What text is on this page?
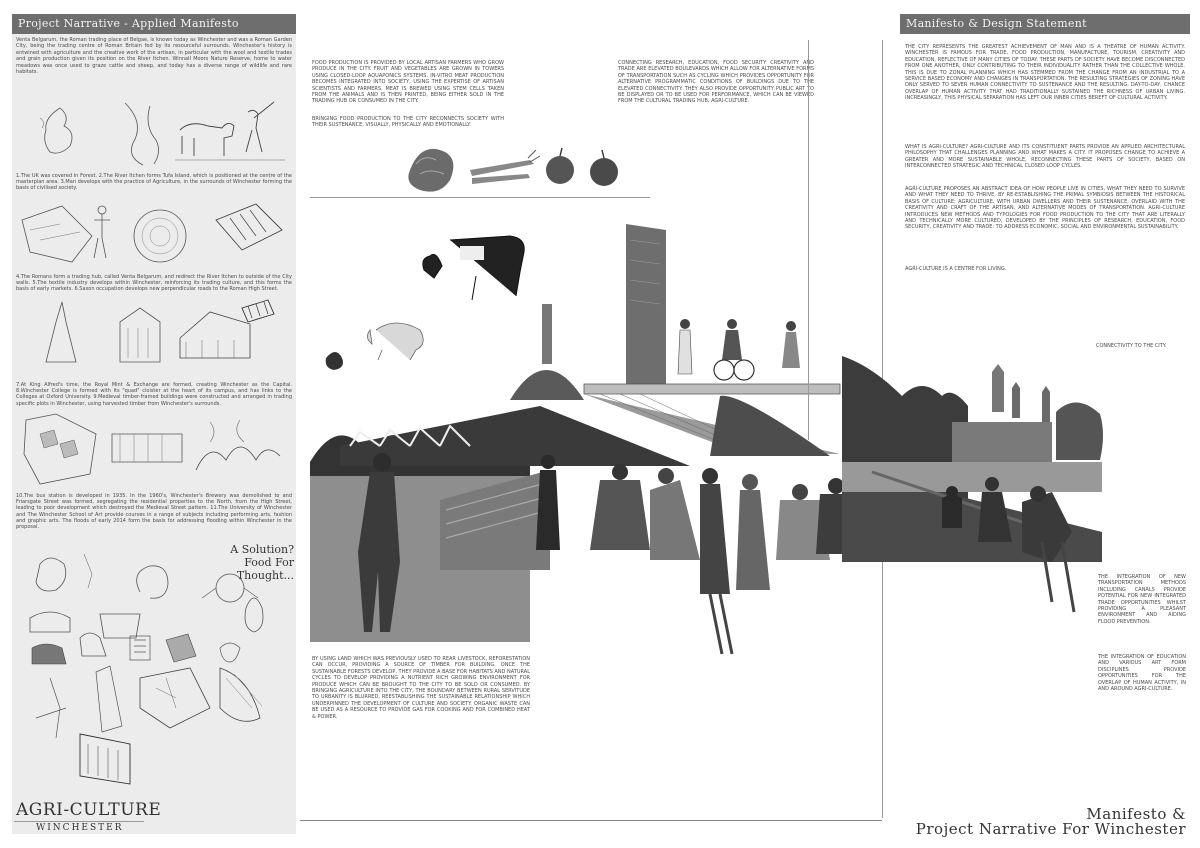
Project Narrative - Applied Manifesto
Venta Belgarum, the Roman trading place of Belgae, is known today as Winchester and was a Roman Garden City, being the trading centre of Roman Britain fed by its resourceful surrounds. Winchester's history is entwined with agriculture and the creative work of the artisan, in particular with the wool and textile trades and grain production given its position on the River Itchen. Winnall Moors Nature Reserve, home to water meadows was once used to graze cattle and sheep, and today has a diverse range of wildlife and rare habitats.
1.The UK was covered in Forest. 2.The River Itchen forms Tufa Island, which is positioned at the centre of the masterplan area. 3.Man develops with the practice of Agriculture, in the surrounds of Winchester forming the basis of civilised society.
4.The Romans form a trading hub, called Venta Belgarum, and redirect the River Itchen to outside of the City walls. 5.The textile industry develops within Winchester, reinforcing its trading culture, and this forms the basis of early markets. 6.Saxon occupation develops new perpendicular roads to the Roman High Street.
7.At King Alfred's time, the Royal Mint & Exchange are formed, creating Winchester as the Capital. 8.Winchester College is formed with its "quad" cloister at the heart of its campus, and has links to the Colleges at Oxford University. 9.Medieval timber-framed buildings were constructed and arranged in trading specific plots in Winchester, using harvested timber from Winchester's surrounds.
10.The bus station is developed in 1935. In the 1960's, Winchester's Brewery was demolished to and Friarsgate Street was formed, segregating the residential properties to the North, from the High Street, leading to poor development which destroyed the Medieval Street pattern. 11.The University of Winchester and The Winchester School of Art provide courses in a range of subjects including performing arts, fashion and graphic arts. The floods of early 2014 form the basis for addressing flooding within Winchester in the proposal.
A Solution?
Food For Thought...
AGRI-CULTURE
WINCHESTER
FOOD PRODUCTION IS PROVIDED BY LOCAL ARTISAN FARMERS WHO GROW PRODUCE IN THE CITY. FRUIT AND VEGETABLES ARE GROWN IN TOWERS USING CLOSED-LOOP AQUAPONICS SYSTEMS. IN-VITRO MEAT PRODUCTION BECOMES INTEGRATED INTO SOCIETY, USING THE EXPERTISE OF ARTISAN SCIENTISTS AND FARMERS. MEAT IS BREWED USING STEM CELLS TAKEN FROM THE ANIMALS AND IS THEN PRINTED, BEING EITHER SOLD IN THE TRADING HUB OR CONSUMED IN THE CITY.
BRINGING FOOD PRODUCTION TO THE CITY RECONNECTS SOCIETY WITH THEIR SUSTENANCE, VISUALLY, PHYSICALLY AND EMOTIONALLY.
CONNECTING RESEARCH, EDUCATION, FOOD SECURITY CREATIVITY AND TRADE ARE ELEVATED BOULEVARDS WHICH ALLOW FOR ALTERNATIVE FORMS OF TRANSPORTATION SUCH AS CYCLING WHICH PROVIDES OPPORTUNITY FOR ALTERNATIVE PROGRAMMATIC CONDITIONS OF BUILDINGS DUE TO THE ELEVATED CONNECTIVITY. THEY ALSO PROVIDE OPPORTUNITY PUBLIC ART TO BE DISPLAYED OR TO BE USED FOR PERFORMANCE, WHICH CAN BE VIEWED FROM THE CULTURAL TRADING HUB, AGRI-CULTURE.
BY USING LAND WHICH WAS PREVIOUSLY USED TO REAR LIVESTOCK, REFORESTATION CAN OCCUR, PROVIDING A SOURCE OF TIMBER FOR BUILDING. ONCE THE SUSTAINABLE FORESTS DEVELOP, THEY PROVIDE A BASE FOR HABITATS AND NATURAL CYCLES TO DEVELOP PROVIDING A NUTRIENT RICH GROWING ENVIRONMENT FOR PRODUCE WHICH CAN BE BROUGHT TO THE CITY TO BE SOLD OR CONSUMED. BY BRINGING AGRICULTURE INTO THE CITY, THE BOUNDARY BETWEEN RURAL SERVITUDE TO URBANITY IS BLURRED, REESTABLISHING THE SUSTAINABLE RELATIONSHIP WHICH UNDERPINNED THE DEVELOPMENT OF CULTURE AND SOCIETY. ORGANIC WASTE CAN BE USED AS A RESOURCE TO PROVIDE GAS FOR COOKING AND FOR COMBINED HEAT & POWER.
Manifesto & Design Statement
THE CITY REPRESENTS THE GREATEST ACHIEVEMENT OF MAN AND IS A THEATRE OF HUMAN ACTIVITY. WINCHESTER IS FAMOUS FOR TRADE, FOOD PRODUCTION, MANUFACTURE, TOURISM, CREATIVITY AND EDUCATION, REFLECTIVE OF MANY CITIES OF TODAY. THESE PARTS OF SOCIETY HAVE BECOME DISCONNECTED FROM ONE ANOTHER, ONLY CONTRIBUTING TO THEIR INDIVIDUALITY RATHER THAN THE COLLECTIVE WHOLE. THIS IS DUE TO ZONAL PLANNING WHICH HAS STEMMED FROM THE CHANGE FROM AN INDUSTRIAL TO A SERVICE BASED ECONOMY AND CHANGES IN TRANSPORTATION. THE RESULTING STRATEGIES OF ZONING HAVE ONLY SERVED TO SEVER HUMAN CONNECTIVITY TO SUSTENANCE AND THE RESULTING, DAY-TO-DAY, CHANCE OVERLAP OF HUMAN ACTIVITY THAT HAD TRADITIONALLY SUSTAINED THE RICHNESS OF URBAN LIVING. INCREASINGLY, THIS PHYSICAL SEPARATION HAS LEFT OUR INNER CITIES BEREFT OF CULTURAL ACTIVITY.
WHAT IS AGRI-CULTURE? AGRI-CULTURE AND ITS CONSTITUENT PARTS PROVIDE AN APPLIED ARCHITECTURAL PHILOSOPHY THAT CHALLENGES PLANNING AND WHAT MAKES A CITY. IT PROPOSES CHANGE TO ACHIEVE A GREATER AND MORE SUSTAINABLE WHOLE, RECONNECTING THESE PARTS OF SOCIETY, BASED ON INTERCONNECTED STRATEGIC AND TECHNICAL CLOSED LOOP CYCLES.
AGRI-CULTURE PROPOSES AN ABSTRACT IDEA OF HOW PEOPLE LIVE IN CITIES, WHAT THEY NEED TO SURVIVE AND WHAT THEY NEED TO THRIVE, BY RE-ESTABLISHING THE PRIMAL SYMBIOSIS BETWEEN THE HISTORICAL BASIS OF CULTURE; AGRICULTURE, WITH URBAN DWELLERS AND THEIR SUSTENANCE, OVERLAID WITH THE CREATIVITY AND CRAFT OF THE ARTISAN, AND ALTERNATIVE MODES OF TRANSPORTATION. AGRI-CULTURE INTRODUCES NEW METHODS AND TYPOLOGIES FOR FOOD PRODUCTION TO THE CITY THAT ARE LITERALLY AND TECHNICALLY MORE CULTURED, DEVELOPED BY THE PRINCIPLES OF RESEARCH, EDUCATION, FOOD SECURITY, CREATIVITY AND TRADE: TO ADDRESS ECONOMIC, SOCIAL AND ENVIRONMENTAL SUSTAINABILITY.
AGRI-CULTURE IS A CENTRE FOR LIVING.
CONNECTIVITY TO THE CITY.
THE INTEGRATION OF NEW TRANSPORTATION METHODS INCLUDING CANALS PROVIDE POTENTIAL FOR NEW INTEGRATED TRADE OPPORTUNITIES WHILST PROVIDING A PLEASANT ENVIRONMENT AND AIDING FLOOD PREVENTION.
THE INTEGRATION OF EDUCATION AND VARIOUS ART FORM DISCIPLINES PROVIDE OPPORTUNITIES FOR THE OVERLAP OF HUMAN ACTIVITY, IN AND AROUND AGRI-CULTURE.
Manifesto &
Project Narrative For Winchester
